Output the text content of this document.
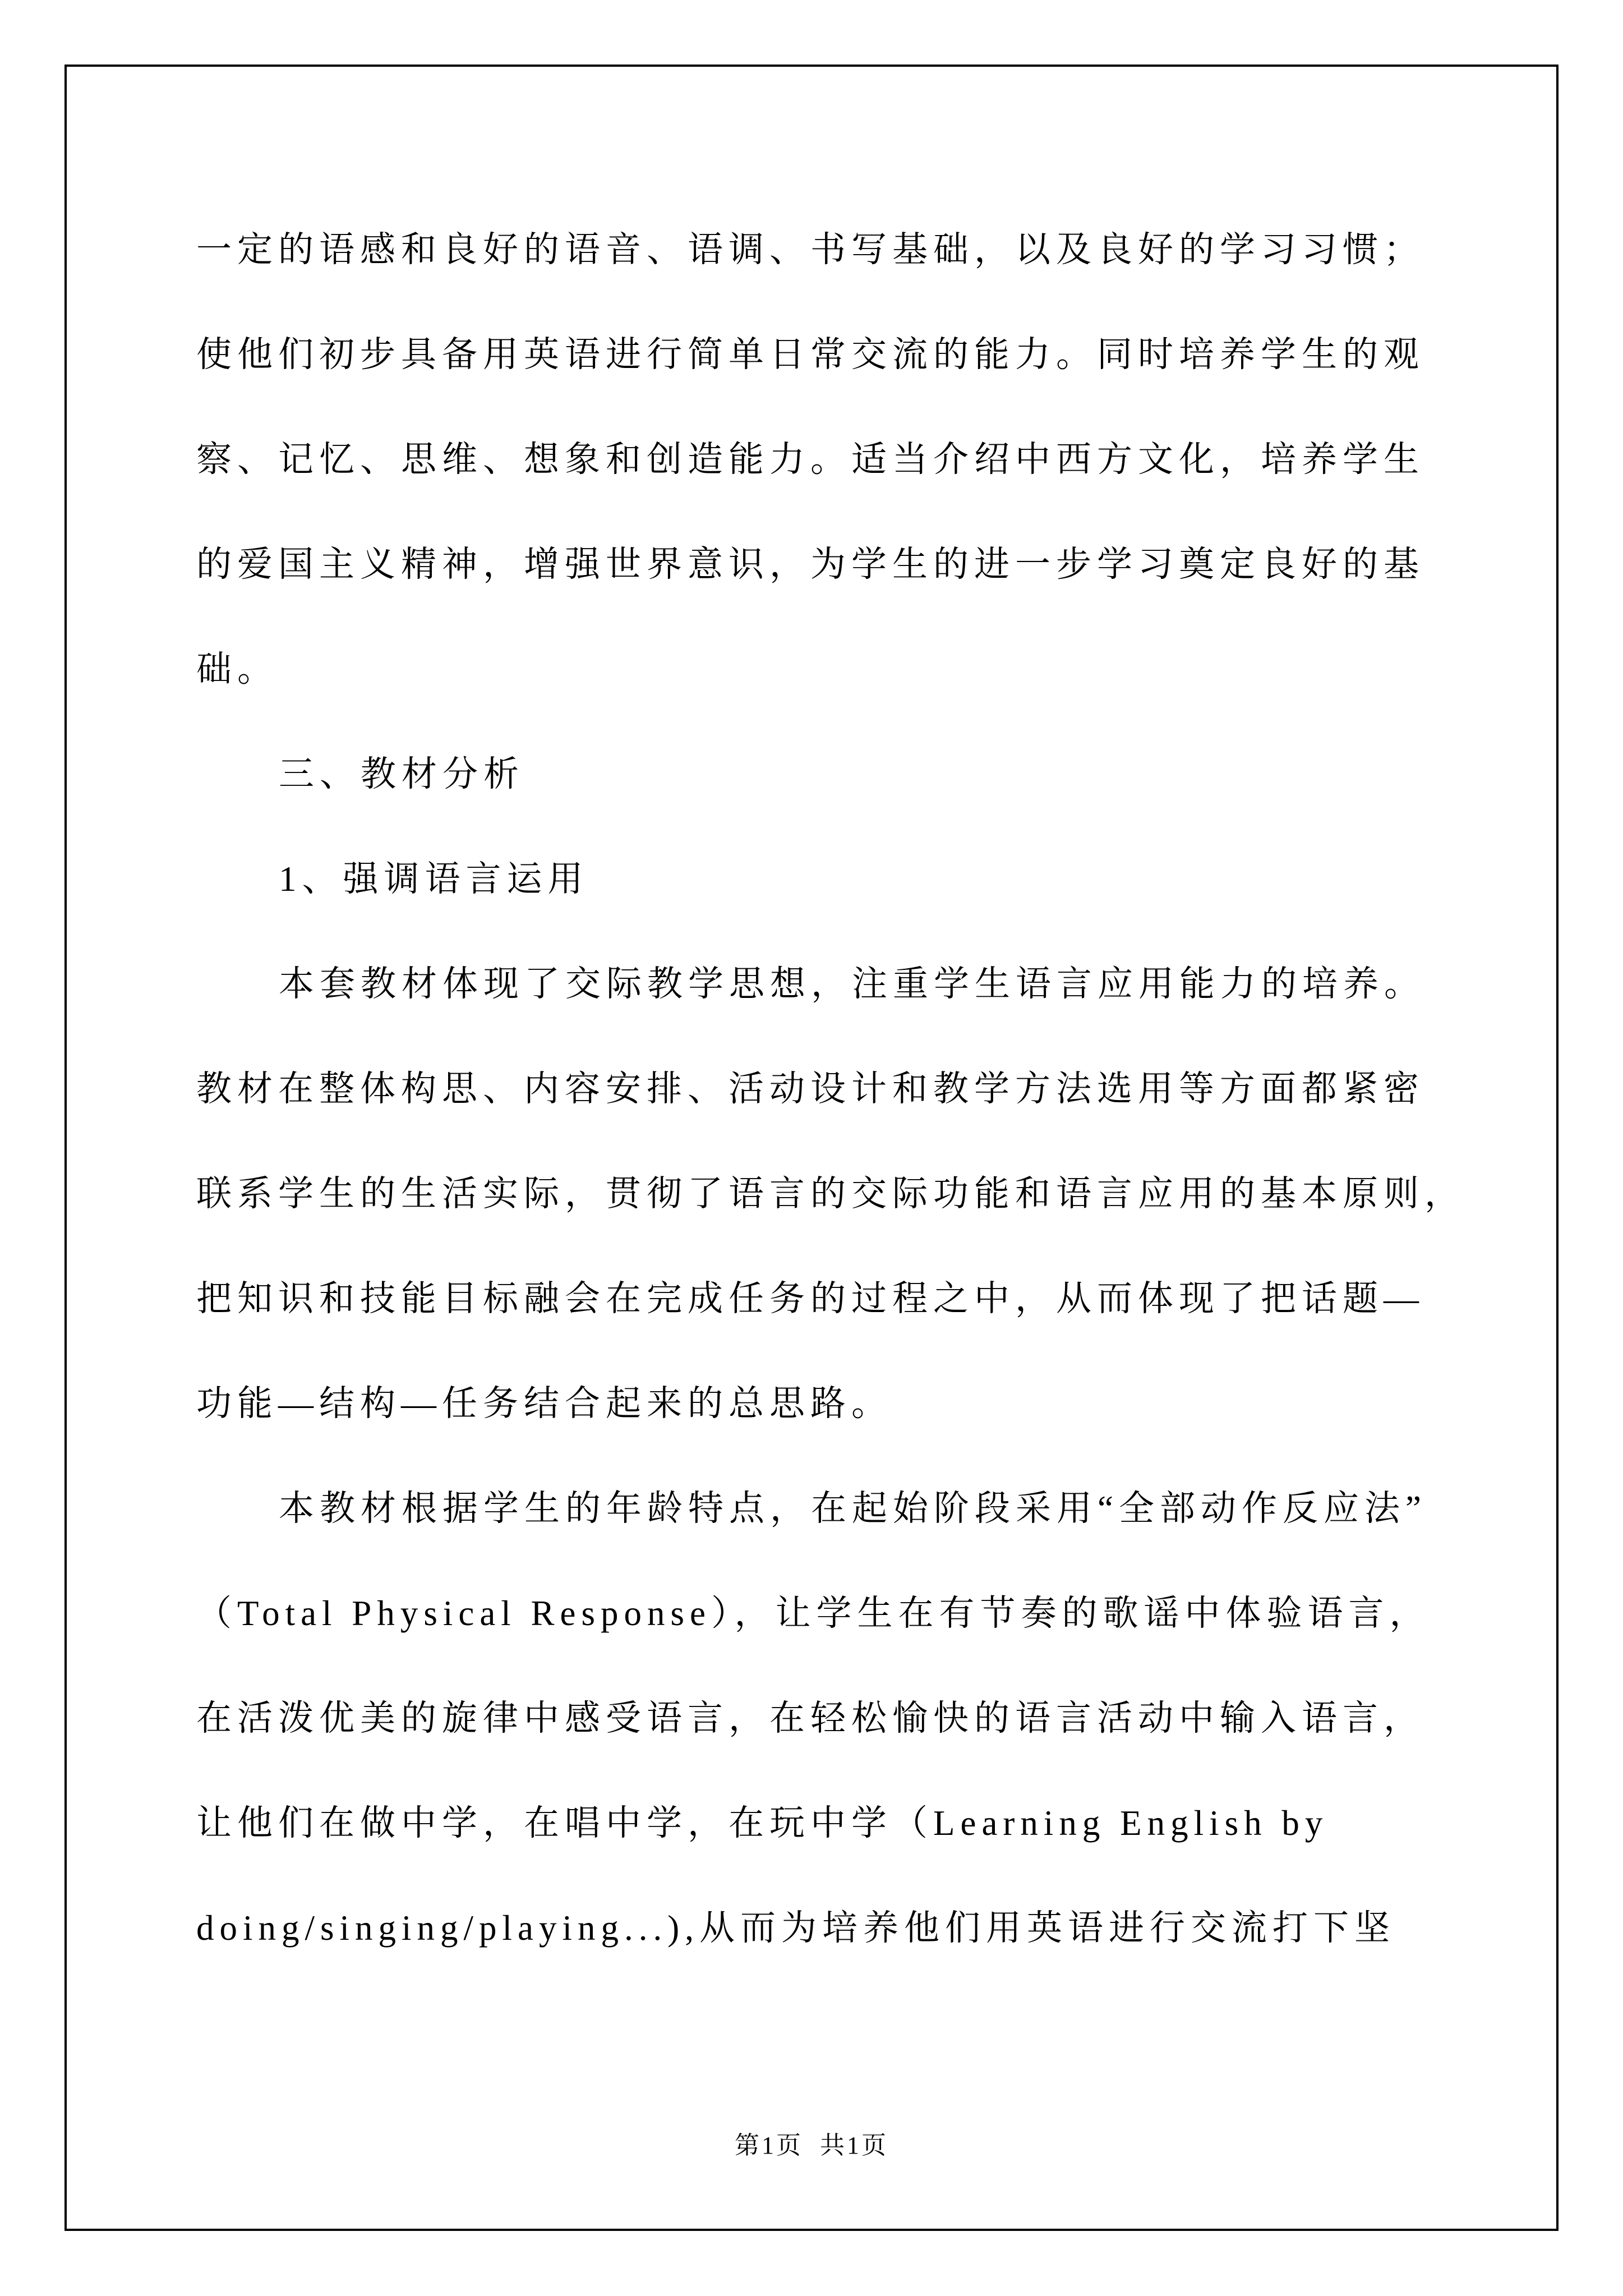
一定的语感和良好的语音、语调、书写基础，以及良好的学习习惯；
使他们初步具备用英语进行简单日常交流的能力。同时培养学生的观
察、记忆、思维、想象和创造能力。适当介绍中西方文化，培养学生
的爱国主义精神，增强世界意识，为学生的进一步学习奠定良好的基
础。
三、教材分析
1、强调语言运用
本套教材体现了交际教学思想，注重学生语言应用能力的培养。
教材在整体构思、内容安排、活动设计和教学方法选用等方面都紧密
联系学生的生活实际，贯彻了语言的交际功能和语言应用的基本原则，
把知识和技能目标融会在完成任务的过程之中，从而体现了把话题—
功能—结构—任务结合起来的总思路。
本教材根据学生的年龄特点，在起始阶段采用“全部动作反应法”
（Total Physical Response），让学生在有节奏的歌谣中体验语言，
在活泼优美的旋律中感受语言，在轻松愉快的语言活动中输入语言，
让他们在做中学，在唱中学，在玩中学（Learning English by
doing/singing/playing...),从而为培养他们用英语进行交流打下坚
第1页  共1页
